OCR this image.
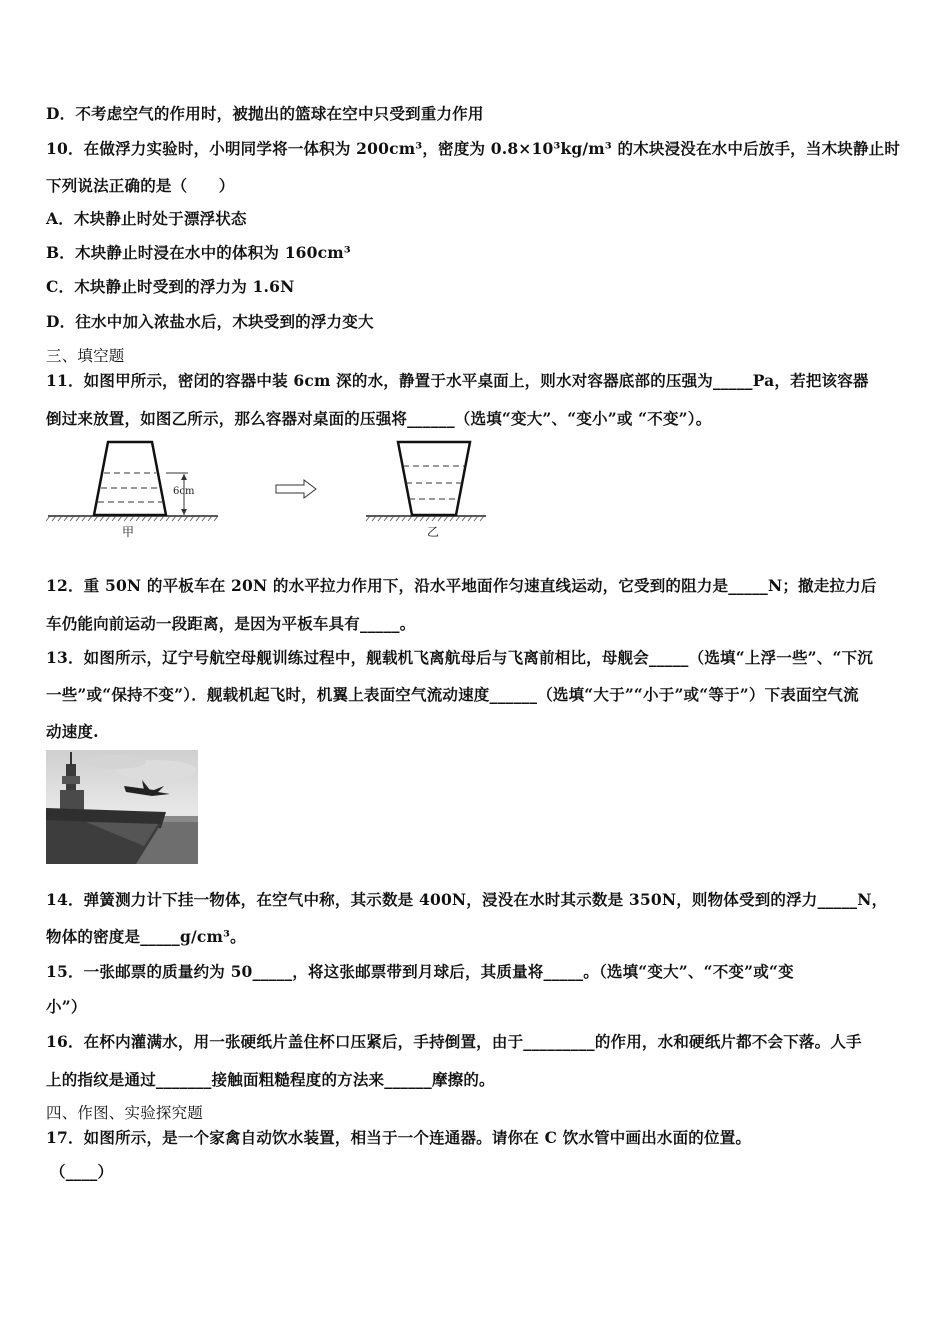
D．不考虑空气的作用时，被抛出的篮球在空中只受到重力作用
10．在做浮力实验时，小明同学将一体积为 200cm³，密度为 0.8×10³kg/m³ 的木块浸没在水中后放手，当木块静止时
下列说法正确的是（　　）
A．木块静止时处于漂浮状态
B．木块静止时浸在水中的体积为 160cm³
C．木块静止时受到的浮力为 1.6N
D．往水中加入浓盐水后，木块受到的浮力变大
三、填空题
11．如图甲所示，密闭的容器中装 6cm 深的水，静置于水平桌面上，则水对容器底部的压强为_____Pa，若把该容器
倒过来放置，如图乙所示，那么容器对桌面的压强将______（选填“变大”、“变小”或 “不变”）。
6cm
甲	乙
12．重 50N 的平板车在 20N 的水平拉力作用下，沿水平地面作匀速直线运动，它受到的阻力是_____N；撤走拉力后
车仍能向前运动一段距离，是因为平板车具有_____。
13．如图所示，辽宁号航空母舰训练过程中，舰载机飞离航母后与飞离前相比，母舰会_____（选填“上浮一些”、“下沉
一些”或“保持不变”）．舰载机起飞时，机翼上表面空气流动速度______（选填“大于”“小于”或“等于”）下表面空气流
动速度.
14．弹簧测力计下挂一物体，在空气中称，其示数是 400N，浸没在水时其示数是 350N，则物体受到的浮力_____N，
物体的密度是_____g/cm³。
15．一张邮票的质量约为 50_____，将这张邮票带到月球后，其质量将_____。（选填“变大”、“不变”或“变
小”）
16．在杯内灌满水，用一张硬纸片盖住杯口压紧后，手持倒置，由于_________的作用，水和硬纸片都不会下落。人手
上的指纹是通过_______接触面粗糙程度的方法来______摩擦的。
四、作图、实验探究题
17．如图所示，是一个家禽自动饮水装置，相当于一个连通器。请你在 C 饮水管中画出水面的位置。
（____）
